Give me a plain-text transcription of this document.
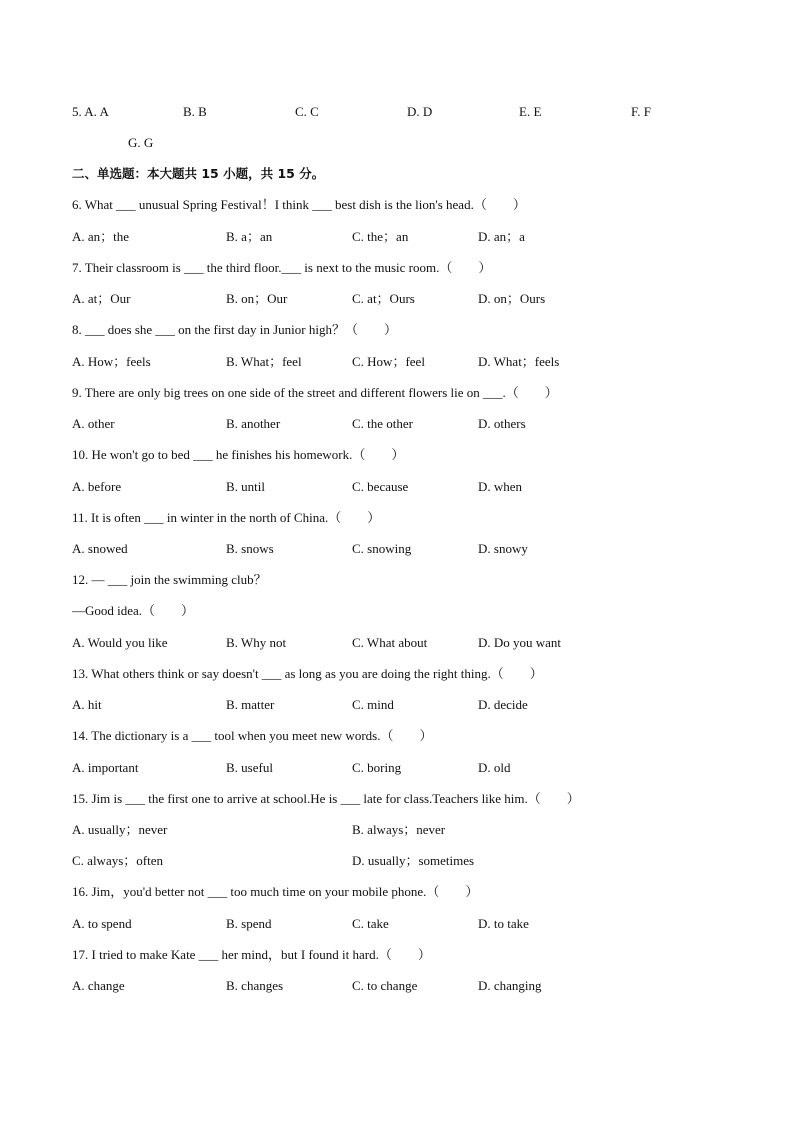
5. A. A	B. B	C. C	D. D	E. E	F. F
G. G
二、单选题：本大题共 15 小题，共 15 分。
6. What ___ unusual Spring Festival！I think ___ best dish is the lion's head.（　　）
A. an；the	B. a；an	C. the；an	D. an；a
7. Their classroom is ___ the third floor.___ is next to the music room.（　　）
A. at；Our	B. on；Our	C. at；Ours	D. on；Ours
8. ___ does she ___ on the first day in Junior high？（　　）
A. How；feels	B. What；feel	C. How；feel	D. What；feels
9. There are only big trees on one side of the street and different flowers lie on ___.（　　）
A. other	B. another	C. the other	D. others
10. He won't go to bed ___ he finishes his homework.（　　）
A. before	B. until	C. because	D. when
11. It is often ___ in winter in the north of China.（　　）
A. snowed	B. snows	C. snowing	D. snowy
12. — ___ join the swimming club？
—Good idea.（　　）
A. Would you like	B. Why not	C. What about	D. Do you want
13. What others think or say doesn't ___ as long as you are doing the right thing.（　　）
A. hit	B. matter	C. mind	D. decide
14. The dictionary is a ___ tool when you meet new words.（　　）
A. important	B. useful	C. boring	D. old
15. Jim is ___ the first one to arrive at school.He is ___ late for class.Teachers like him.（　　）
A. usually；never	B. always；never
C. always；often	D. usually；sometimes
16. Jim，you'd better not ___ too much time on your mobile phone.（　　）
A. to spend	B. spend	C. take	D. to take
17. I tried to make Kate ___ her mind，but I found it hard.（　　）
A. change	B. changes	C. to change	D. changing
